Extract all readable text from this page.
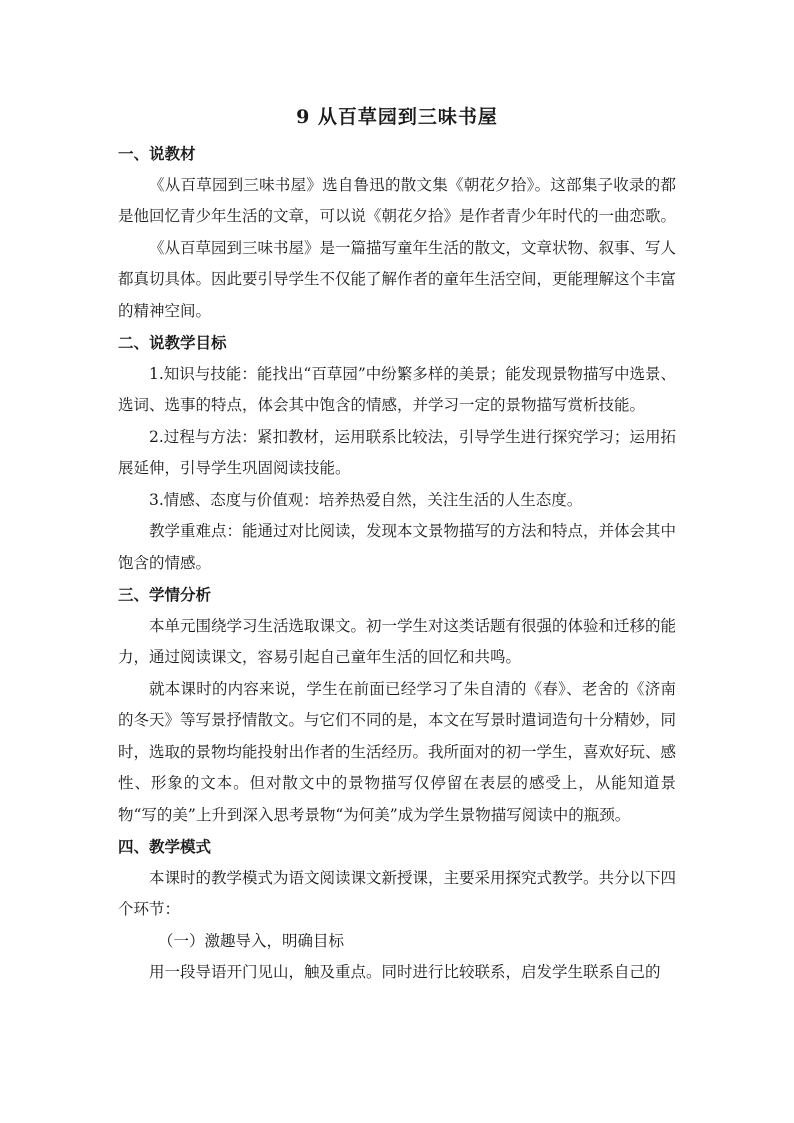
9 从百草园到三味书屋
一、说教材

《从百草园到三味书屋》选自鲁迅的散文集《朝花夕拾》。这部集子收录的都是他回忆青少年生活的文章，可以说《朝花夕拾》是作者青少年时代的一曲恋歌。

《从百草园到三味书屋》是一篇描写童年生活的散文，文章状物、叙事、写人都真切具体。因此要引导学生不仅能了解作者的童年生活空间，更能理解这个丰富的精神空间。

二、说教学目标

1.知识与技能：能找出“百草园”中纷繁多样的美景；能发现景物描写中选景、选词、选事的特点，体会其中饱含的情感，并学习一定的景物描写赏析技能。

2.过程与方法：紧扣教材，运用联系比较法，引导学生进行探究学习；运用拓展延伸，引导学生巩固阅读技能。

3.情感、态度与价值观：培养热爱自然，关注生活的人生态度。

教学重难点：能通过对比阅读，发现本文景物描写的方法和特点，并体会其中饱含的情感。

三、学情分析

本单元围绕学习生活选取课文。初一学生对这类话题有很强的体验和迁移的能力，通过阅读课文，容易引起自己童年生活的回忆和共鸣。

就本课时的内容来说，学生在前面已经学习了朱自清的《春》、老舍的《济南的冬天》等写景抒情散文。与它们不同的是，本文在写景时遣词造句十分精妙，同时，选取的景物均能投射出作者的生活经历。我所面对的初一学生，喜欢好玩、感性、形象的文本。但对散文中的景物描写仅停留在表层的感受上，从能知道景物“写的美”上升到深入思考景物“为何美”成为学生景物描写阅读中的瓶颈。

四、教学模式

本课时的教学模式为语文阅读课文新授课，主要采用探究式教学。共分以下四个环节：

（一）激趣导入，明确目标

用一段导语开门见山，触及重点。同时进行比较联系，启发学生联系自己的
